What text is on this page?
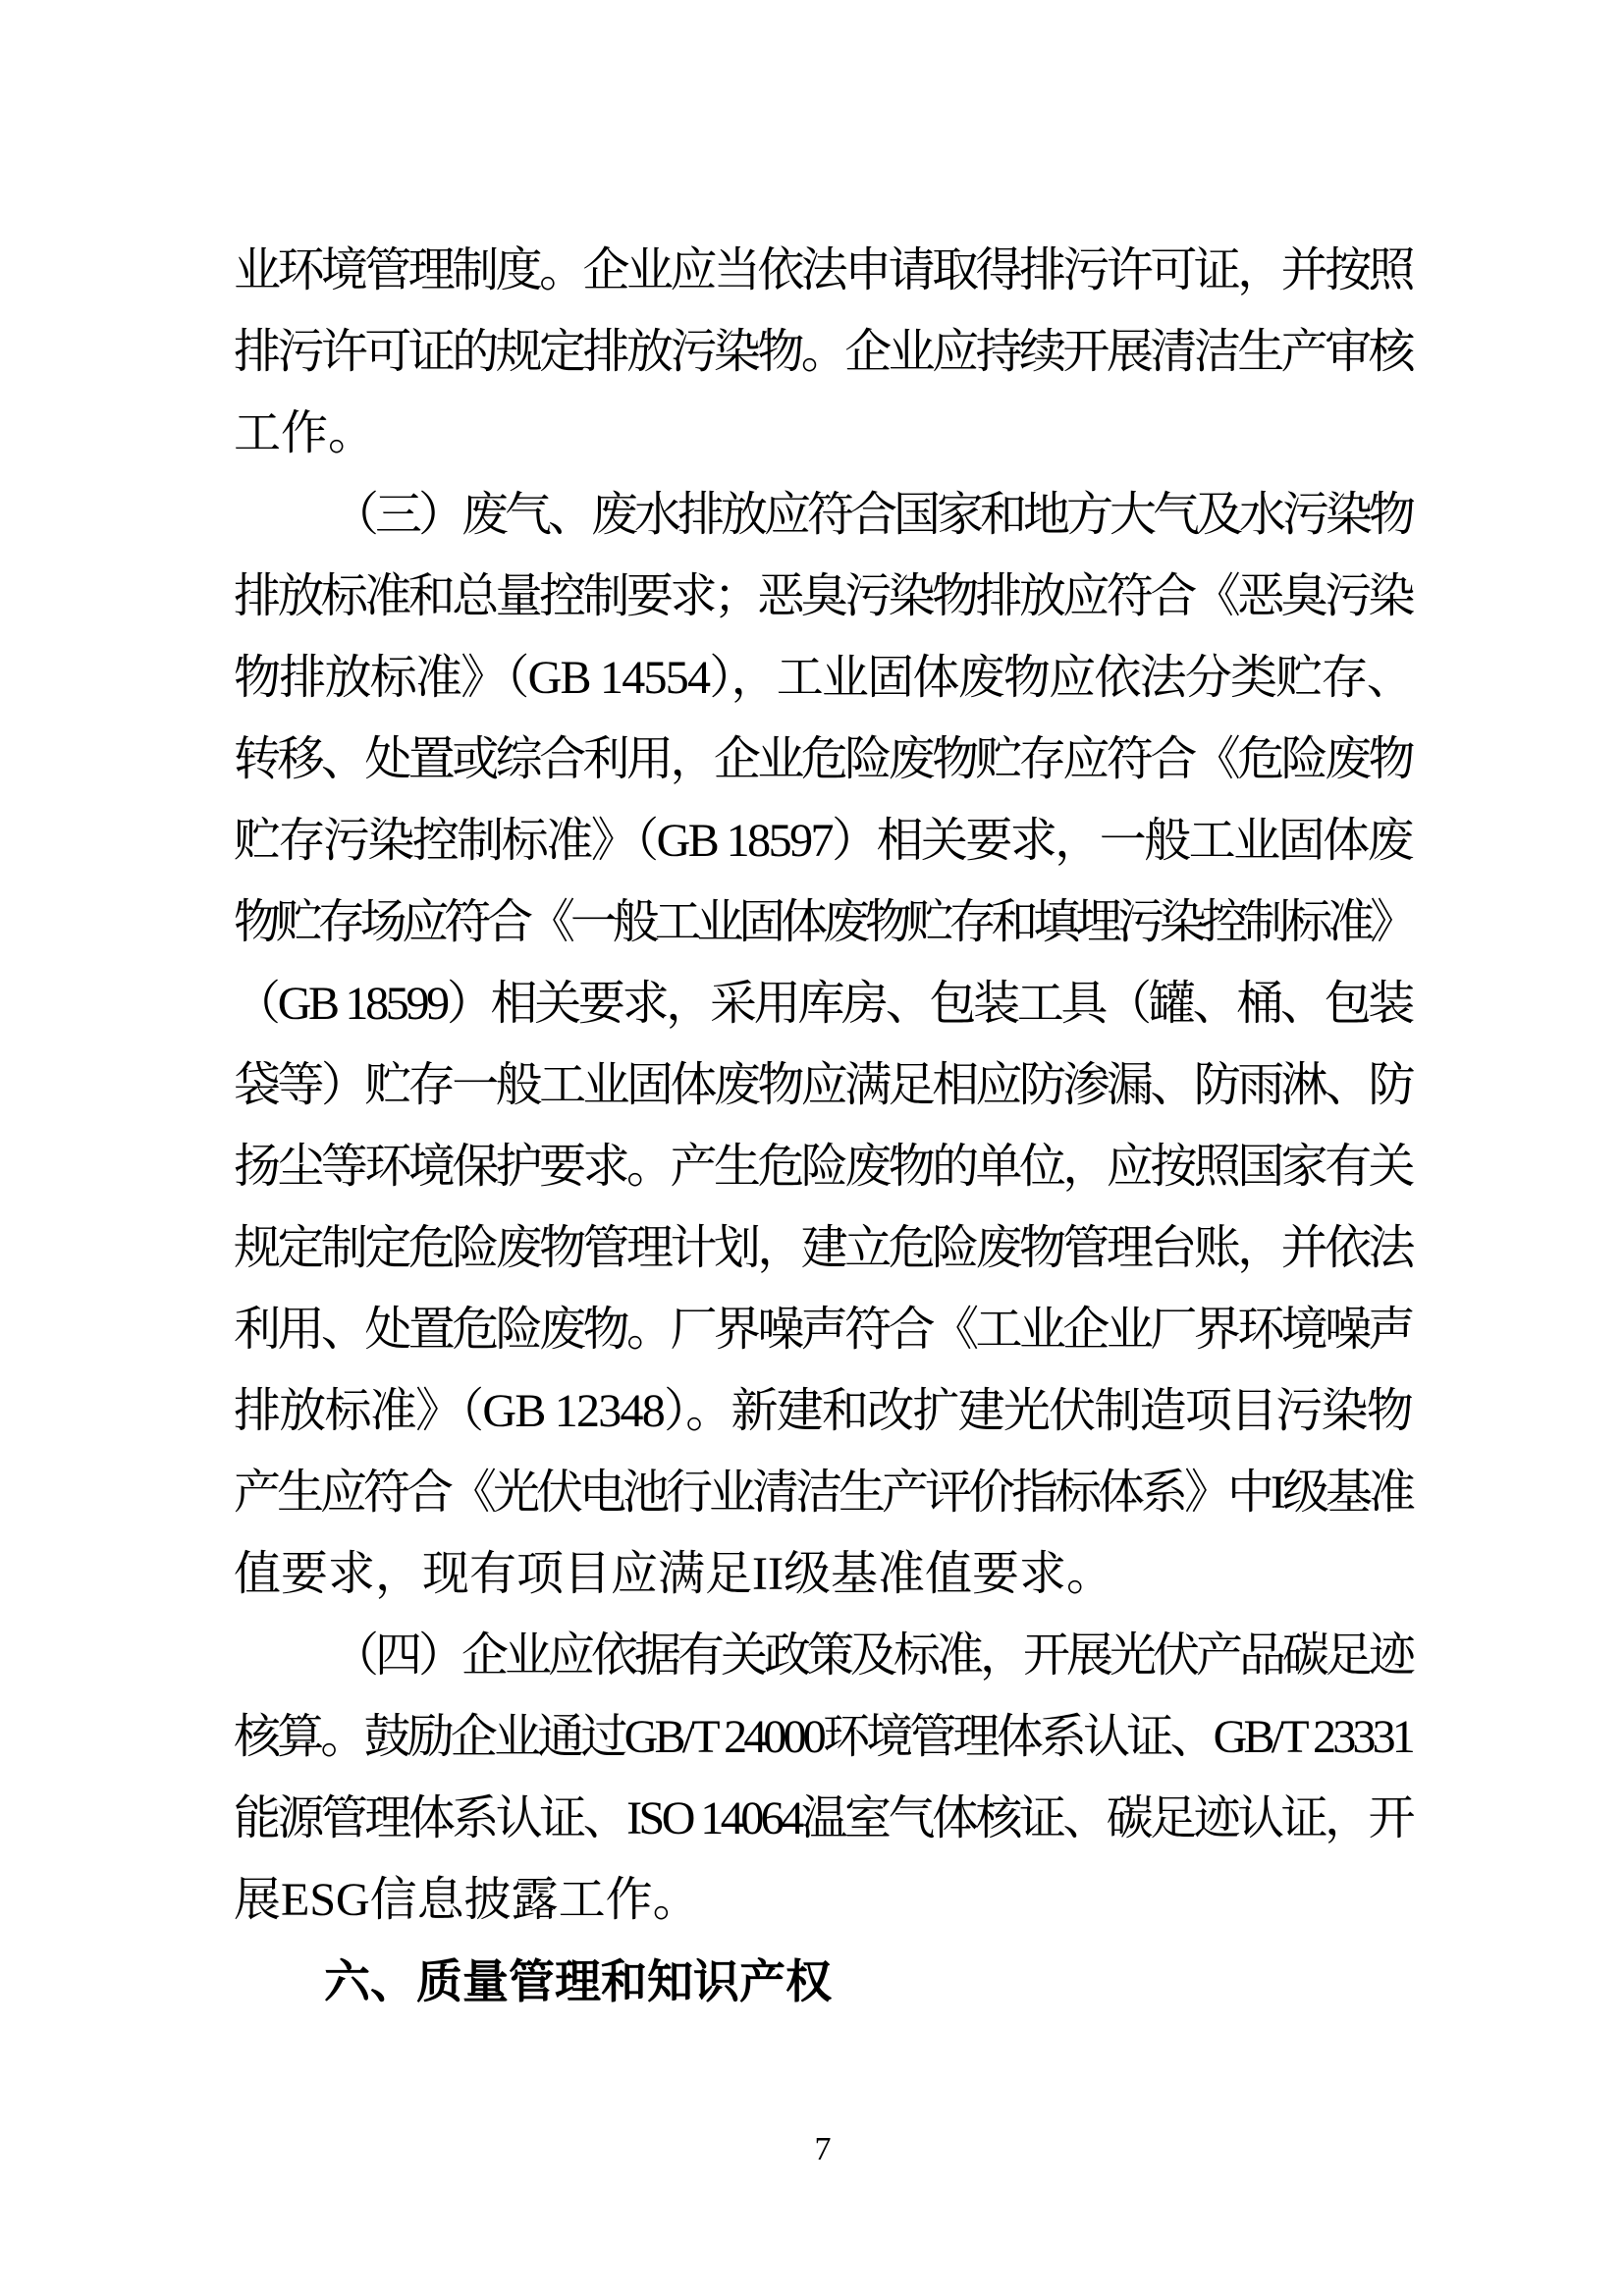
业环境管理制度。企业应当依法申请取得排污许可证，并按照
排污许可证的规定排放污染物。企业应持续开展清洁生产审核
工作。
（三）废气、废水排放应符合国家和地方大气及水污染物
排放标准和总量控制要求；恶臭污染物排放应符合《恶臭污染
物排放标准》（GB 14554），工业固体废物应依法分类贮存、
转移、处置或综合利用，企业危险废物贮存应符合《危险废物
贮存污染控制标准》（GB 18597）相关要求，一般工业固体废
物贮存场应符合《一般工业固体废物贮存和填埋污染控制标准》
（GB 18599）相关要求，采用库房、包装工具（罐、桶、包装
袋等）贮存一般工业固体废物应满足相应防渗漏、防雨淋、防
扬尘等环境保护要求。产生危险废物的单位，应按照国家有关
规定制定危险废物管理计划，建立危险废物管理台账，并依法
利用、处置危险废物。厂界噪声符合《工业企业厂界环境噪声
排放标准》（GB 12348）。新建和改扩建光伏制造项目污染物
产生应符合《光伏电池行业清洁生产评价指标体系》中I级基准
值要求，现有项目应满足II级基准值要求。
（四）企业应依据有关政策及标准，开展光伏产品碳足迹
核算。鼓励企业通过GB/T 24000环境管理体系认证、GB/T 23331
能源管理体系认证、ISO 14064温室气体核证、碳足迹认证，开
展ESG信息披露工作。
六、质量管理和知识产权
7
